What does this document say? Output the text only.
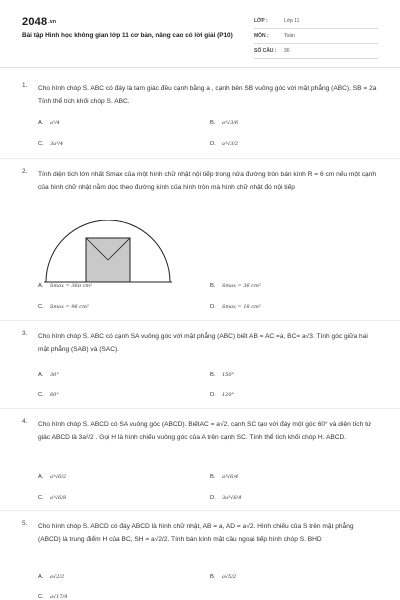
2048.vn
Bài tập Hình học không gian lớp 11 cơ bản, nâng cao có lời giải (P10)
LỚP :	Lớp 11
MÔN :	Toán
SỐ CÂU : 30
1. Cho hình chóp S. ABC có đáy là tam giác đều cạnh bằng a , cạnh bên SB vuông góc với mặt phẳng (ABC), SB = 2a Tính thể tích khối chóp S. ABC.
A. a³/4	B. a³√3/6
C. 3a³/4	D. a³√3/2
2. Tính diện tích lớn nhất Smax của một hình chữ nhật nội tiếp trong nửa đường tròn bán kính R = 6 cm nếu một cạnh của hình chữ nhật nằm dọc theo đường kính của hình tròn mà hình chữ nhật đó nội tiếp
A. Smax = 36π cm²	B. Smax = 36 cm²
C. Smax = 96 cm²	D. Smax = 18 cm²
3. Cho hình chóp S. ABC có cạnh SA vuông góc với mặt phẳng (ABC) biết AB = AC =a, BC= a√3. Tính góc giữa hai mặt phẳng (SAB) và (SAC).
A. 30°	B. 150°
C. 60°	D. 120°
4. Cho hình chóp S. ABCD có SA vuông góc (ABCD). BiếtAC = a√2, cạnh SC tạo với đáy một góc 60° và diện tích tứ giác ABCD là 3a²/2 . Gọi H là hình chiếu vuông góc của A trên cạnh SC. Tính thể tích khối chóp H. ABCD.
A. a³√6/2	B. a³√6/4
C. a³√6/8	D. 3a³√6/4
5. Cho hình chóp S. ABCD có đáy ABCD là hình chữ nhật, AB = a, AD = a√2. Hình chiếu của S trên mặt phẳng (ABCD) là trung điểm H của BC, SH = a√2/2. Tính bán kính mặt cầu ngoại tiếp hình chóp S. BHD
A. a√2/2	B. a√5/2
C. a√17/4
